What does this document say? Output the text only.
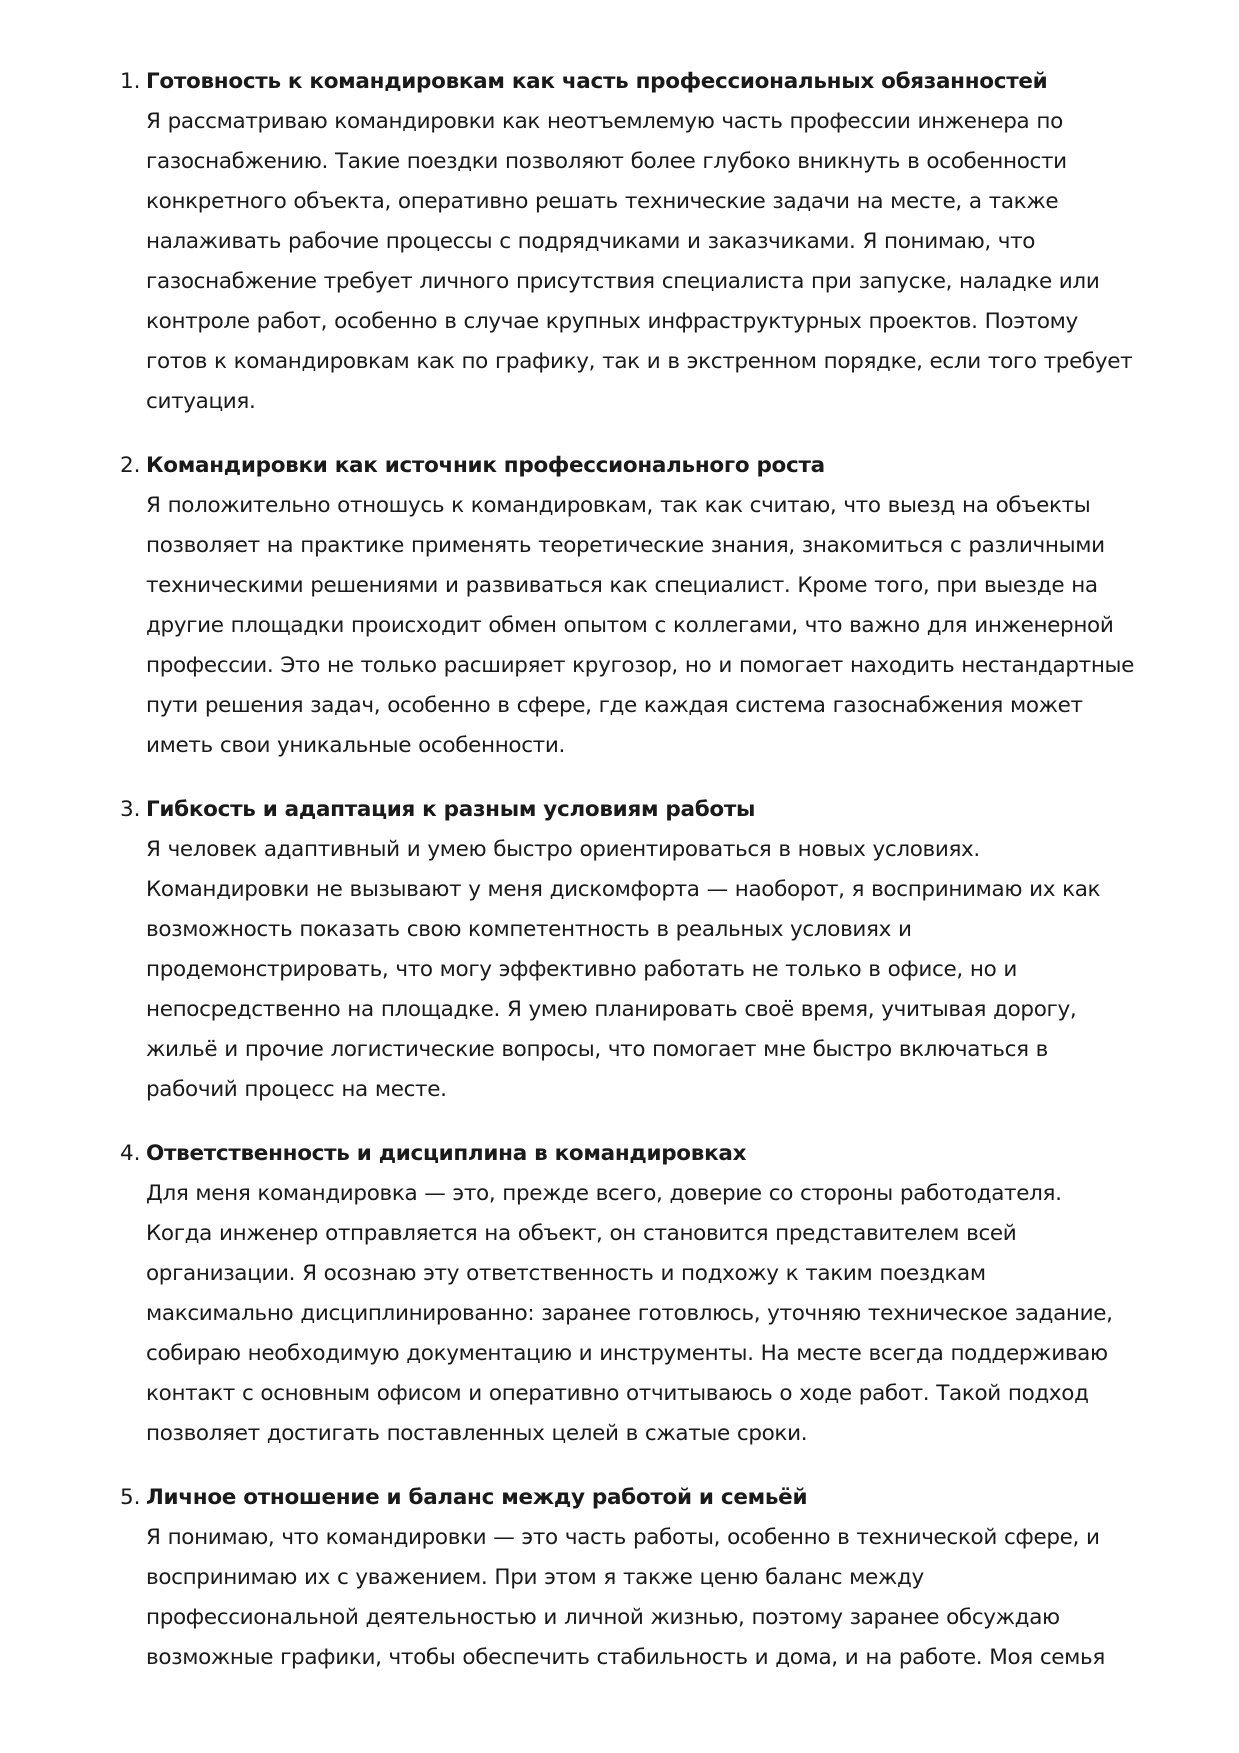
1. Готовность к командировкам как часть профессиональных обязанностей

Я рассматриваю командировки как неотъемлемую часть профессии инженера по
газоснабжению. Такие поездки позволяют более глубоко вникнуть в особенности
конкретного объекта, оперативно решать технические задачи на месте, а также
налаживать рабочие процессы с подрядчиками и заказчиками. Я понимаю, что
газоснабжение требует личного присутствия специалиста при запуске, наладке или
контроле работ, особенно в случае крупных инфраструктурных проектов. Поэтому
готов к командировкам как по графику, так и в экстренном порядке, если того требует
ситуация.

2. Командировки как источник профессионального роста

Я положительно отношусь к командировкам, так как считаю, что выезд на объекты
позволяет на практике применять теоретические знания, знакомиться с различными
техническими решениями и развиваться как специалист. Кроме того, при выезде на
другие площадки происходит обмен опытом с коллегами, что важно для инженерной
профессии. Это не только расширяет кругозор, но и помогает находить нестандартные
пути решения задач, особенно в сфере, где каждая система газоснабжения может
иметь свои уникальные особенности.

3. Гибкость и адаптация к разным условиям работы

Я человек адаптивный и умею быстро ориентироваться в новых условиях.
Командировки не вызывают у меня дискомфорта — наоборот, я воспринимаю их как
возможность показать свою компетентность в реальных условиях и
продемонстрировать, что могу эффективно работать не только в офисе, но и
непосредственно на площадке. Я умею планировать своё время, учитывая дорогу,
жильё и прочие логистические вопросы, что помогает мне быстро включаться в
рабочий процесс на месте.

4. Ответственность и дисциплина в командировках

Для меня командировка — это, прежде всего, доверие со стороны работодателя.
Когда инженер отправляется на объект, он становится представителем всей
организации. Я осознаю эту ответственность и подхожу к таким поездкам
максимально дисциплинированно: заранее готовлюсь, уточняю техническое задание,
собираю необходимую документацию и инструменты. На месте всегда поддерживаю
контакт с основным офисом и оперативно отчитываюсь о ходе работ. Такой подход
позволяет достигать поставленных целей в сжатые сроки.

5. Личное отношение и баланс между работой и семьёй

Я понимаю, что командировки — это часть работы, особенно в технической сфере, и
воспринимаю их с уважением. При этом я также ценю баланс между
профессиональной деятельностью и личной жизнью, поэтому заранее обсуждаю
возможные графики, чтобы обеспечить стабильность и дома, и на работе. Моя семья
